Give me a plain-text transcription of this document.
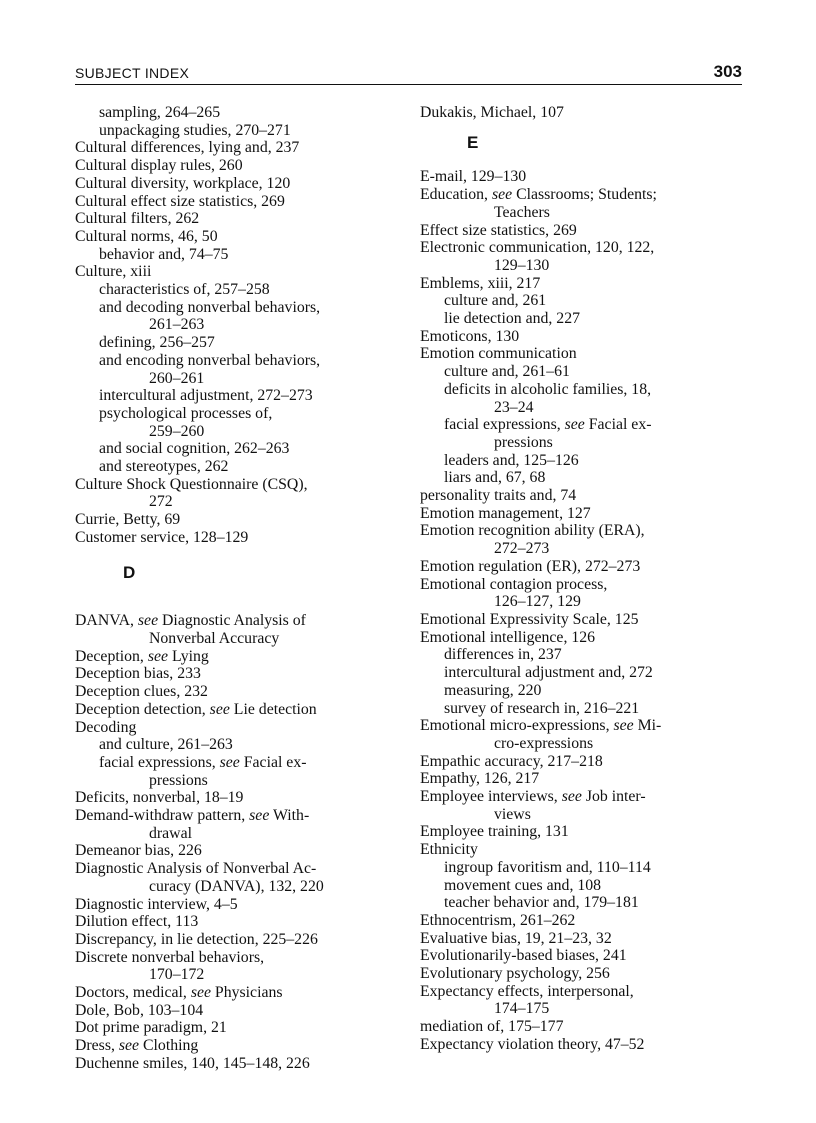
SUBJECT INDEX	303
sampling, 264–265
unpackaging studies, 270–271
Cultural differences, lying and, 237
Cultural display rules, 260
Cultural diversity, workplace, 120
Cultural effect size statistics, 269
Cultural filters, 262
Cultural norms, 46, 50
behavior and, 74–75
Culture, xiii
characteristics of, 257–258
and decoding nonverbal behaviors,
261–263
defining, 256–257
and encoding nonverbal behaviors,
260–261
intercultural adjustment, 272–273
psychological processes of,
259–260
and social cognition, 262–263
and stereotypes, 262
Culture Shock Questionnaire (CSQ),
272
Currie, Betty, 69
Customer service, 128–129
D
DANVA, see Diagnostic Analysis of
Nonverbal Accuracy
Deception, see Lying
Deception bias, 233
Deception clues, 232
Deception detection, see Lie detection
Decoding
and culture, 261–263
facial expressions, see Facial ex-
pressions
Deficits, nonverbal, 18–19
Demand-withdraw pattern, see With-
drawal
Demeanor bias, 226
Diagnostic Analysis of Nonverbal Ac-
curacy (DANVA), 132, 220
Diagnostic interview, 4–5
Dilution effect, 113
Discrepancy, in lie detection, 225–226
Discrete nonverbal behaviors,
170–172
Doctors, medical, see Physicians
Dole, Bob, 103–104
Dot prime paradigm, 21
Dress, see Clothing
Duchenne smiles, 140, 145–148, 226
Dukakis, Michael, 107
E
E-mail, 129–130
Education, see Classrooms; Students;
Teachers
Effect size statistics, 269
Electronic communication, 120, 122,
129–130
Emblems, xiii, 217
culture and, 261
lie detection and, 227
Emoticons, 130
Emotion communication
culture and, 261–61
deficits in alcoholic families, 18,
23–24
facial expressions, see Facial ex-
pressions
leaders and, 125–126
liars and, 67, 68
personality traits and, 74
Emotion management, 127
Emotion recognition ability (ERA),
272–273
Emotion regulation (ER), 272–273
Emotional contagion process,
126–127, 129
Emotional Expressivity Scale, 125
Emotional intelligence, 126
differences in, 237
intercultural adjustment and, 272
measuring, 220
survey of research in, 216–221
Emotional micro-expressions, see Mi-
cro-expressions
Empathic accuracy, 217–218
Empathy, 126, 217
Employee interviews, see Job inter-
views
Employee training, 131
Ethnicity
ingroup favoritism and, 110–114
movement cues and, 108
teacher behavior and, 179–181
Ethnocentrism, 261–262
Evaluative bias, 19, 21–23, 32
Evolutionarily-based biases, 241
Evolutionary psychology, 256
Expectancy effects, interpersonal,
174–175
mediation of, 175–177
Expectancy violation theory, 47–52
